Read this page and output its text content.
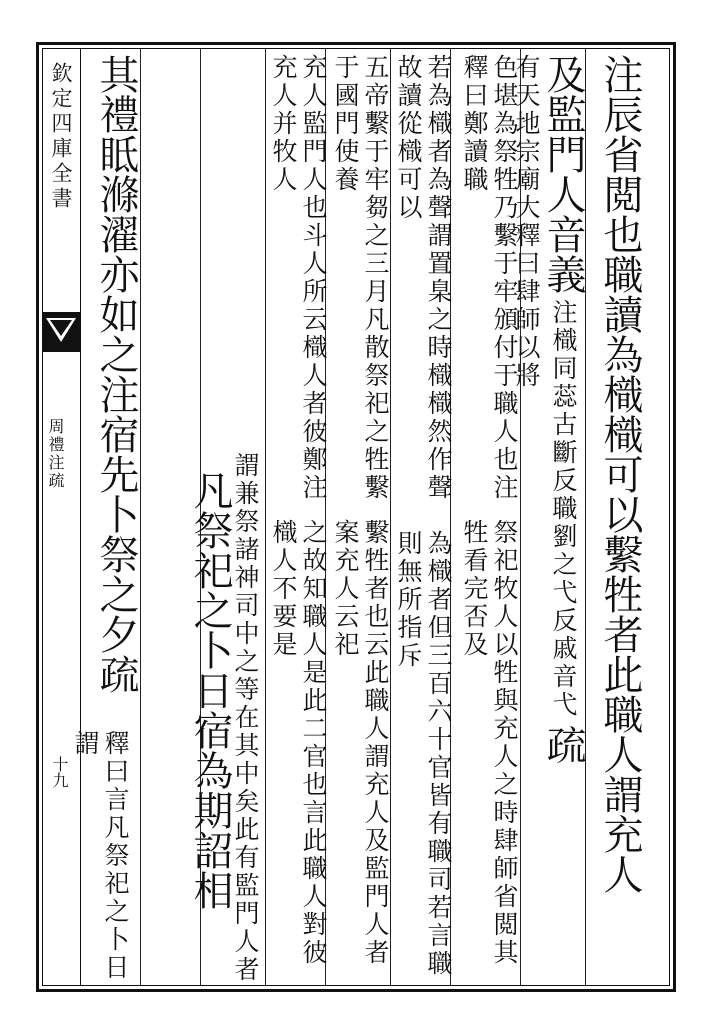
欽定四庫全書
周禮注疏
十九	注辰省閲也職讀為樴樴可以繫牲者此職人謂充人
及監門人音義
職劉之弋反戚音弋
注樴同蕊古斷反
疏
釋曰肆師以將
有天地宗廟大
祭祀牧人以牲與充人之時肆師省閲其牲看完否及
色堪為祭牲乃繫于牢頒付于職人也注釋曰鄭讀職
為樴者但三百六十官皆有職司若言職則無所指斥
若為樴者為聲謂置臬之時樴樴然作聲故讀從樴可以
繫牲者也云此職人謂充人及監門人者案充人云祀
五帝繫于牢芻之三月凡散祭祀之牲繫于國門使養
之故知職人是此二官也言此職人對彼樴人不要是
充人監門人也斗人所云樴人者彼鄭注充人并牧人
在其中矣此有監門人者
謂兼祭諸神司中之等
凡祭祀之卜日宿為期詔相
其禮眡滌濯亦如之注宿先卜祭之夕疏
釋曰言凡祭祀之卜日謂
